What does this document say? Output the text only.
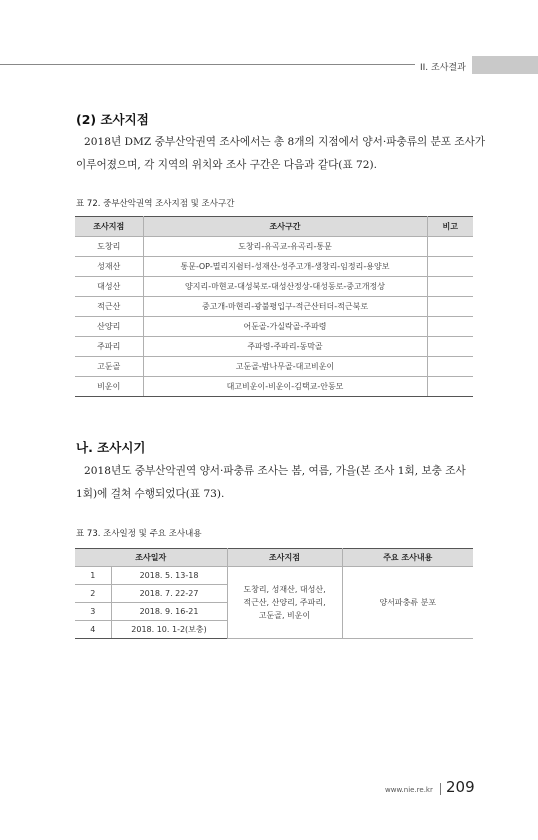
II. 조사결과
(2) 조사지점
2018년 DMZ 중부산악권역 조사에서는 총 8개의 지점에서 양서·파충류의 분포 조사가
이루어졌으며, 각 지역의 위치와 조사 구간은 다음과 같다(표 72).
표 72. 중부산악권역 조사지점 및 조사구간
조사지점	조사구간	비고
도창리	도창리-유곡교-유곡리-통문	
성재산	통문-OP-멸리지쉼터-성재산-성주고개-생창리-임정리-용양보	
대성산	양지리-마현교-대성북로-대성산정상-대성동로-중고개정상	
적근산	중고개-마현리-광불평입구-적근산터더-적근북로	
산양리	어둔골-가실락골-주파령	
주파리	주파령-주파리-동막골	
고둔골	고둔골-밤나무골-대고비운이	
비운이	대고비운이-비운이-김택교-안동모	
나. 조사시기
2018년도 중부산악권역 양서·파충류 조사는 봄, 여름, 가을(본 조사 1회, 보충 조사
1회)에 걸쳐 수행되었다(표 73).
표 73. 조사일정 및 주요 조사내용
조사일자		조사지점	주요 조사내용
1	2018. 5. 13-18	도창리, 성재산, 대성산,
적근산, 산양리, 주파리,
고둔골, 비운이	양서파충류 분포
2	2018. 7. 22-27		
3	2018. 9. 16-21		
4	2018. 10. 1-2(보충)		
www.nie.re.kr 209
